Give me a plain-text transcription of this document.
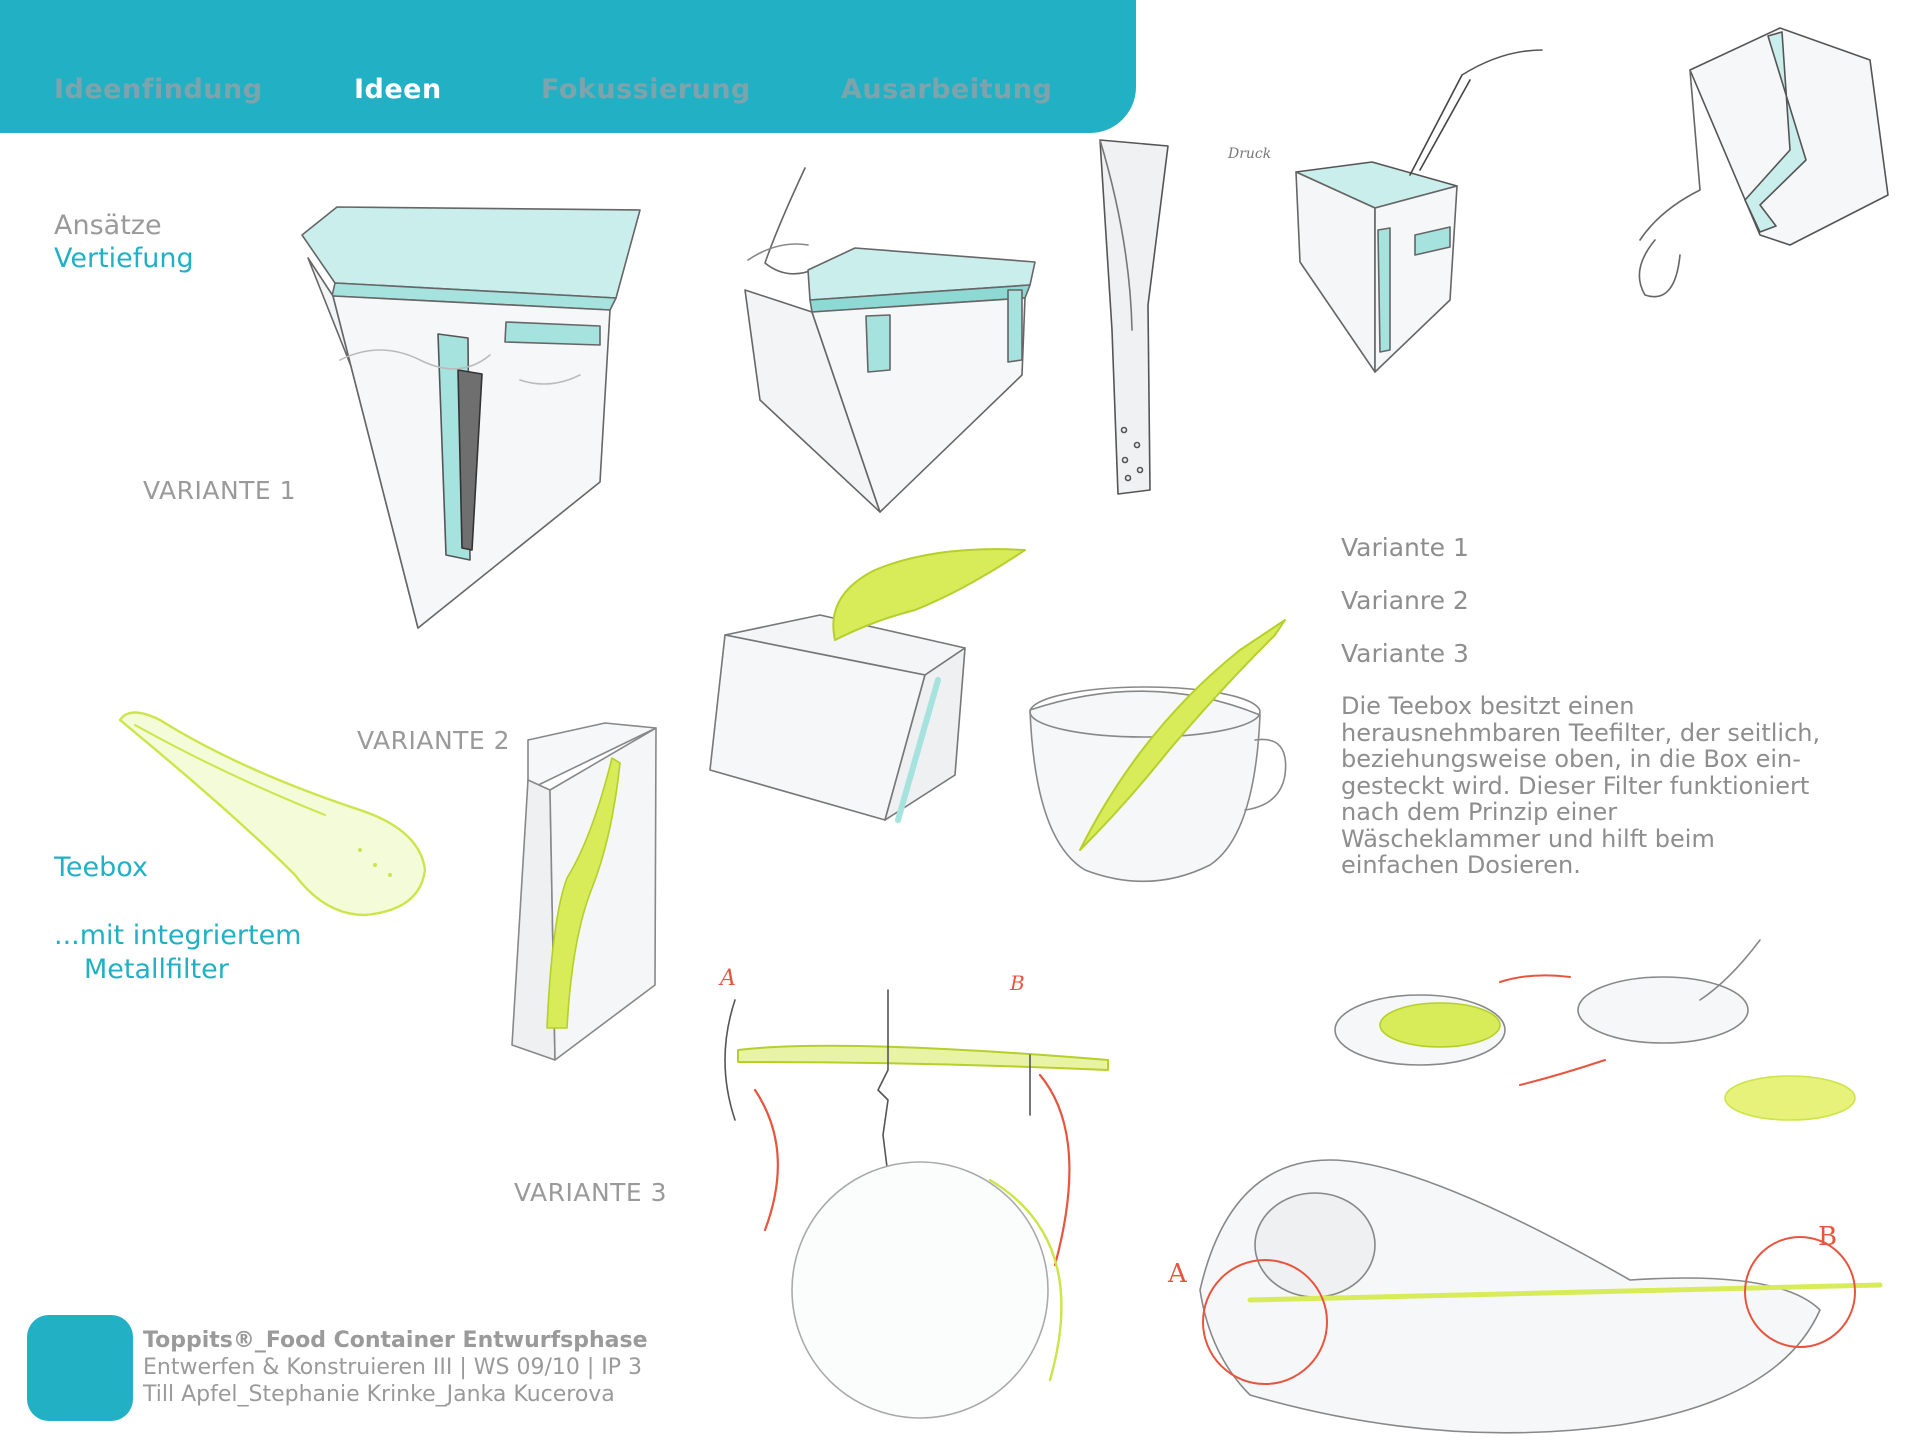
Ideenfindung	Ideen	Fokussierung	Ausarbeitung
Druck
A	B
A
B
Ansätze
Vertiefung
Teebox
...mit integriertem
Metallfilter
VARIANTE 1
VARIANTE 2
VARIANTE 3
Variante 1
Varianre 2
Variante 3
Die Teebox besitzt einen
herausnehmbaren Teefilter, der seitlich,
beziehungsweise oben, in die Box ein-
gesteckt wird. Dieser Filter funktioniert
nach dem Prinzip einer
Wäscheklammer und hilft beim
einfachen Dosieren.
Toppits®_Food Container Entwurfsphase
Entwerfen & Konstruieren III | WS 09/10 | IP 3
Till Apfel_Stephanie Krinke_Janka Kucerova
